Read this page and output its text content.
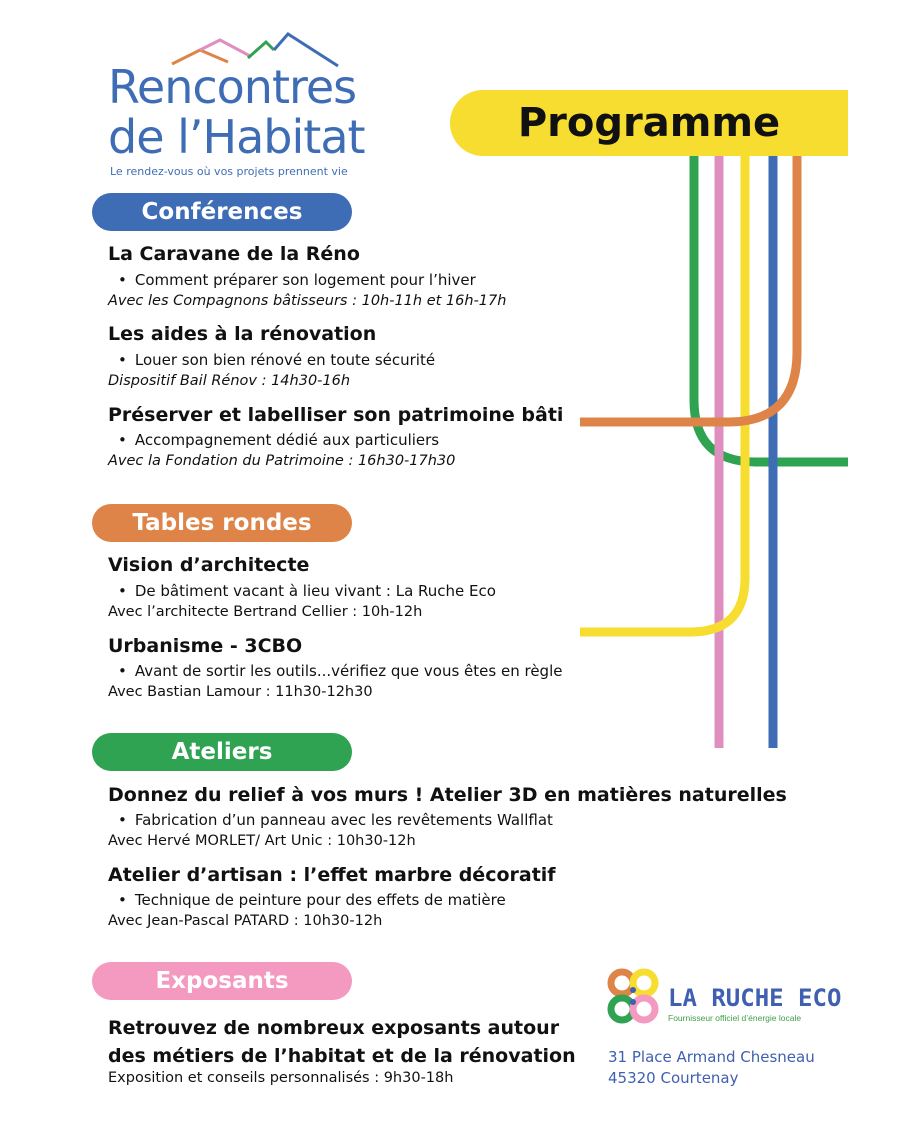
Rencontres
de l’Habitat
Le rendez-vous où vos projets prennent vie
Programme
Conférences
La Caravane de la Réno
• Comment préparer son logement pour l’hiver
Avec les Compagnons bâtisseurs : 10h-11h et 16h-17h
Les aides à la rénovation
• Louer son bien rénové en toute sécurité
Dispositif Bail Rénov : 14h30-16h
Préserver et labelliser son patrimoine bâti
• Accompagnement dédié aux particuliers
Avec la Fondation du Patrimoine : 16h30-17h30
Tables rondes
Vision d’architecte
• De bâtiment vacant à lieu vivant : La Ruche Eco
Avec l’architecte Bertrand Cellier : 10h-12h
Urbanisme - 3CBO
• Avant de sortir les outils...vérifiez que vous êtes en règle
Avec Bastian Lamour : 11h30-12h30
Ateliers
Donnez du relief à vos murs ! Atelier 3D en matières naturelles
• Fabrication d’un panneau avec les revêtements Wallflat
Avec Hervé MORLET/ Art Unic : 10h30-12h
Atelier d’artisan : l’effet marbre décoratif
• Technique de peinture pour des effets de matière
Avec Jean-Pascal PATARD : 10h30-12h
Exposants
Retrouvez de nombreux exposants autour des métiers de l’habitat et de la rénovation
Exposition et conseils personnalisés : 9h30-18h
LA RUCHE ECO
Fournisseur officiel d’énergie locale
31 Place Armand Chesneau
45320 Courtenay
